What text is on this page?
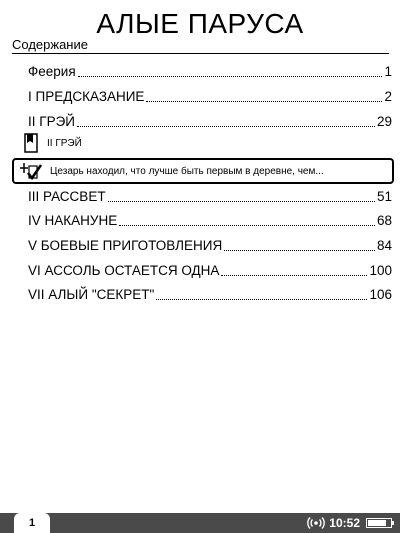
АЛЫЕ ПАРУСА
Содержание
Феерия	1
I ПРЕДСКАЗАНИЕ	2
II ГРЭЙ	29
II ГРЭЙ
Цезарь находил, что лучше быть первым в деревне, чем...
III РАССВЕТ	51
IV НАКАНУНЕ	68
V БОЕВЫЕ ПРИГОТОВЛЕНИЯ	84
VI АССОЛЬ ОСТАЕТСЯ ОДНА	100
VII АЛЫЙ "СЕКРЕТ"	106
1	10:52
